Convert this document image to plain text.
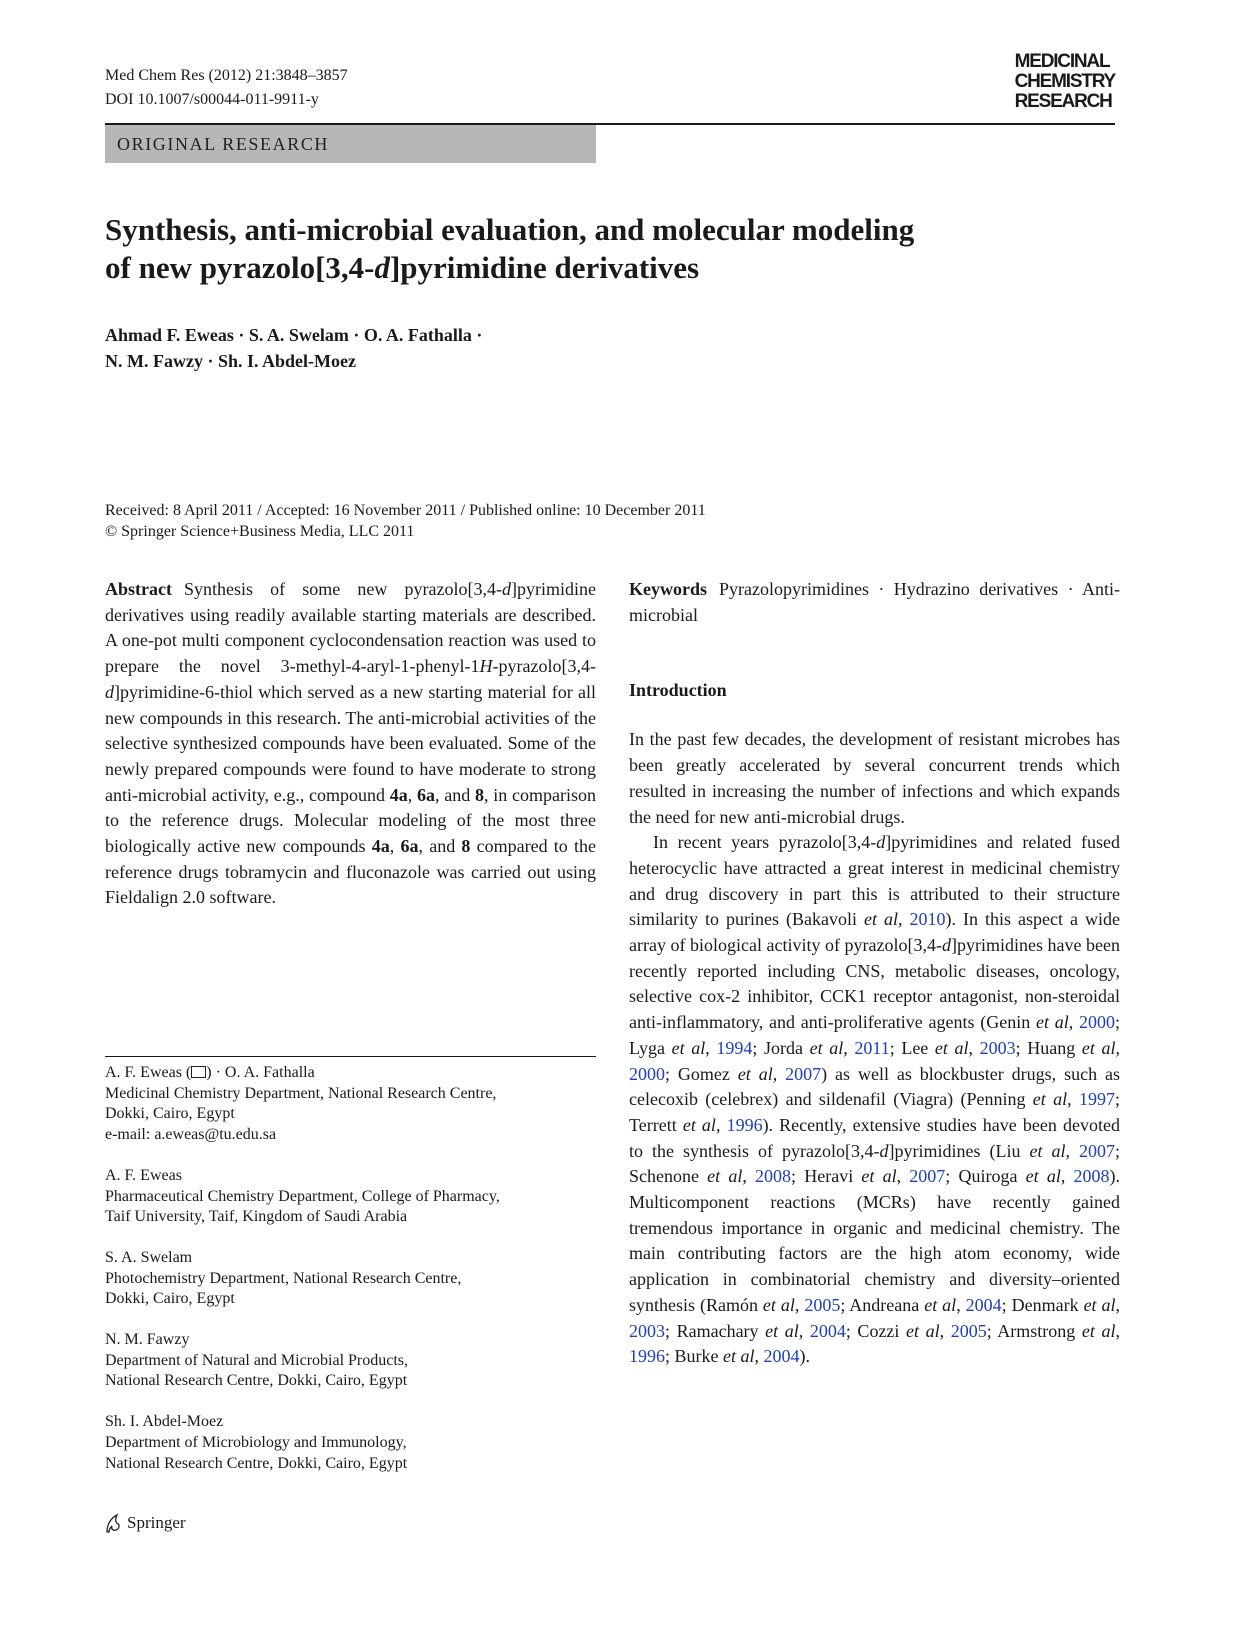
Med Chem Res (2012) 21:3848–3857
DOI 10.1007/s00044-011-9911-y
MEDICINAL
CHEMISTRY
RESEARCH
ORIGINAL RESEARCH
Synthesis, anti-microbial evaluation, and molecular modeling
of new pyrazolo[3,4-d]pyrimidine derivatives
Ahmad F. Eweas · S. A. Swelam · O. A. Fathalla ·
N. M. Fawzy · Sh. I. Abdel-Moez
Received: 8 April 2011 / Accepted: 16 November 2011 / Published online: 10 December 2011
© Springer Science+Business Media, LLC 2011

Abstract Synthesis of some new pyrazolo[3,4-d]pyrimidine derivatives using readily available starting materials are described. A one-pot multi component cyclocondensation reaction was used to prepare the novel 3-methyl-4-aryl-1-phenyl-1H-pyrazolo[3,4-d]pyrimidine-6-thiol which served as a new starting material for all new compounds in this research. The anti-microbial activities of the selective synthesized compounds have been evaluated. Some of the newly prepared compounds were found to have moderate to strong anti-microbial activity, e.g., compound 4a, 6a, and 8, in comparison to the reference drugs. Molecular modeling of the most three biologically active new compounds 4a, 6a, and 8 compared to the reference drugs tobramycin and fluconazole was carried out using Fieldalign 2.0 software.

A. F. Eweas ( ) · O. A. Fathalla
Medicinal Chemistry Department, National Research Centre,
Dokki, Cairo, Egypt
e-mail: a.eweas@tu.edu.sa
A. F. Eweas
Pharmaceutical Chemistry Department, College of Pharmacy,
Taif University, Taif, Kingdom of Saudi Arabia
S. A. Swelam
Photochemistry Department, National Research Centre,
Dokki, Cairo, Egypt
N. M. Fawzy
Department of Natural and Microbial Products,
National Research Centre, Dokki, Cairo, Egypt
Sh. I. Abdel-Moez
Department of Microbiology and Immunology,
National Research Centre, Dokki, Cairo, Egypt

Keywords Pyrazolopyrimidines · Hydrazino derivatives · Anti-microbial

Introduction

In the past few decades, the development of resistant microbes has been greatly accelerated by several concurrent trends which resulted in increasing the number of infections and which expands the need for new anti-microbial drugs.

In recent years pyrazolo[3,4-d]pyrimidines and related fused heterocyclic have attracted a great interest in medicinal chemistry and drug discovery in part this is attributed to their structure similarity to purines (Bakavoli et al, 2010). In this aspect a wide array of biological activity of pyrazolo[3,4-d]pyrimidines have been recently reported including CNS, metabolic diseases, oncology, selective cox-2 inhibitor, CCK1 receptor antagonist, non-steroidal anti-inflammatory, and anti-proliferative agents (Genin et al, 2000; Lyga et al, 1994; Jorda et al, 2011; Lee et al, 2003; Huang et al, 2000; Gomez et al, 2007) as well as blockbuster drugs, such as celecoxib (celebrex) and sildenafil (Viagra) (Penning et al, 1997; Terrett et al, 1996). Recently, extensive studies have been devoted to the synthesis of pyrazolo[3,4-d]pyrimidines (Liu et al, 2007; Schenone et al, 2008; Heravi et al, 2007; Quiroga et al, 2008). Multicomponent reactions (MCRs) have recently gained tremendous importance in organic and medicinal chemistry. The main contributing factors are the high atom economy, wide application in combinatorial chemistry and diversity–oriented synthesis (Ramón et al, 2005; Andreana et al, 2004; Denmark et al, 2003; Ramachary et al, 2004; Cozzi et al, 2005; Armstrong et al, 1996; Burke et al, 2004).

Springer
